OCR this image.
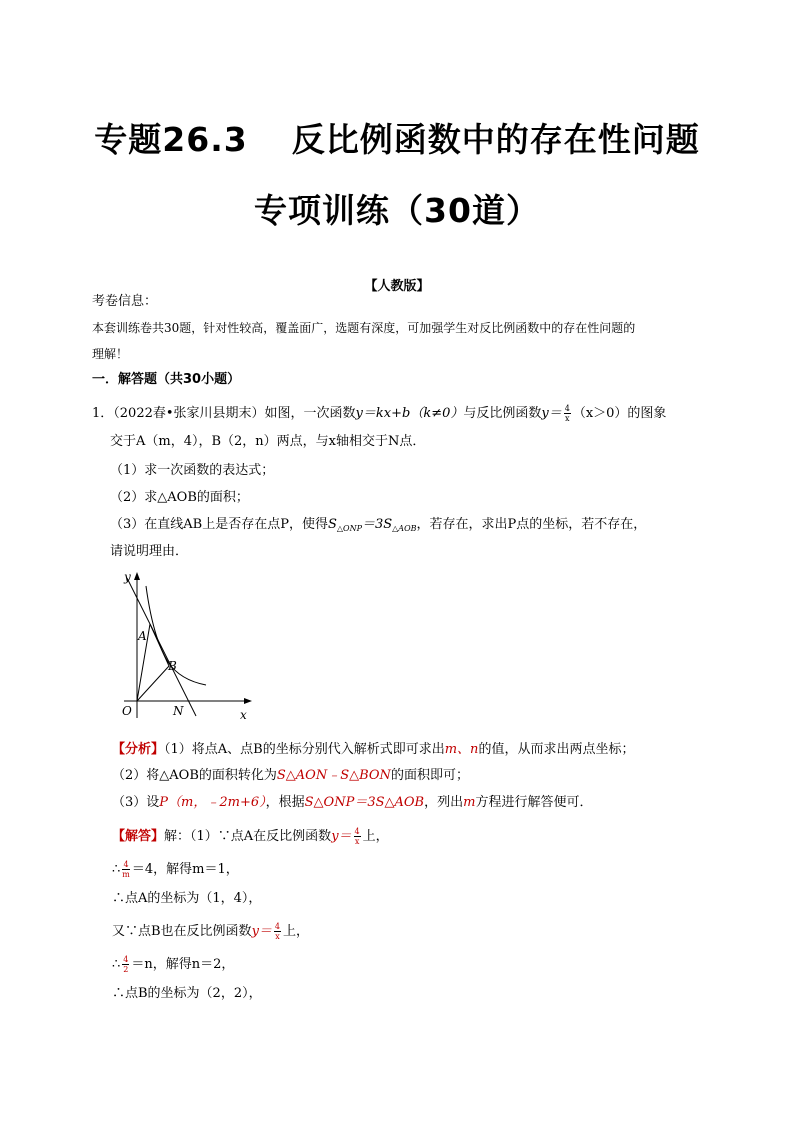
专题26.3 反比例函数中的存在性问题
专项训练（30道）
【人教版】
考卷信息：
本套训练卷共30题，针对性较高，覆盖面广，选题有深度，可加强学生对反比例函数中的存在性问题的
理解！
一．解答题（共30小题）
1．（2022春•张家川县期末）如图，一次函数y＝kx+b（k≠0）与反比例函数$y= \frac{4}{x} (x>0)$的图象
交于A（m，4），B（2，n）两点，与x轴相交于N点．
（1）求一次函数的表达式；
（2）求△AOB的面积；
（3）在直线AB上是否存在点P，使得$S_{\triangle ONP}=3S_{\triangle AOB}$，若存在，求出P点的坐标，若不存在，
请说明理由．
y
A
B
O	N	x
【分析】（1）将点A、点B的坐标分别代入解析式即可求出m、n的值，从而求出两点坐标；
（2）将△AOB的面积转化为S△AON﹣S△BON的面积即可；
（3）设P（m，﹣2m+6），根据S△ONP＝3S△AOB，列出m方程进行解答便可．
【解答】解：（1）∵点A在反比例函数$y= \frac{4}{x}$ 上，
∴ $\frac{4}{m} =4$，解得m＝1，
∴点A的坐标为（1，4），
又∵点B也在反比例函数$y= \frac{4}{x}$ 上，
∴ $\frac{4}{2} =n$，解得n＝2，
∴点B的坐标为（2，2），
